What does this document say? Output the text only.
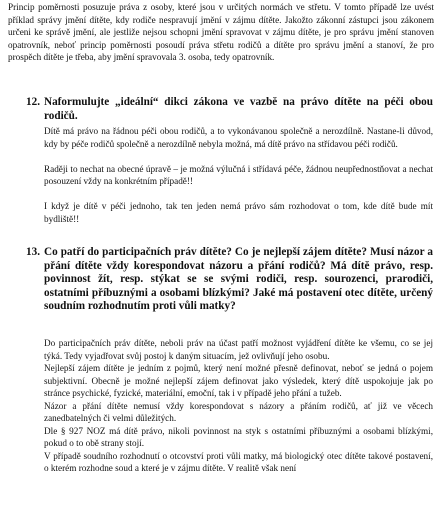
Princip pomĕrnosti posuzuje práva z osoby, které jsou v určitých normách ve střetu. V tomto případĕ lze uvést příklad správy jmĕní dítĕte, kdy rodiče nespravují jmĕní v zájmu dítĕte. Jakožto zákonní zástupci jsou zákonem určeni ke správĕ jmĕní, ale jestliže nejsou schopni jmĕní spravovat v zájmu dítĕte, je pro správu jmĕní stanoven opatrovník, neboť princip pomĕrnosti posoudí práva střetu rodičů a dítĕte pro správu jmĕní a stanoví, že pro prospĕch dítĕte je třeba, aby jmĕní spravovala 3. osoba, tedy opatrovník.
12. Naformulujte „ideální“ dikci zákona ve vazbĕ na právo dítĕte na péči obou rodičů.

Dítĕ má právo na řádnou péči obou rodičů, a to vykonávanou společnĕ a nerozdílnĕ. Nastane-li důvod, kdy by péče rodičů společnĕ a nerozdílnĕ nebyla možná, má dítĕ právo na střídavou péči rodičů.

Radĕji to nechat na obecné úpravĕ – je možná výlučná i střídavá péče, žádnou neupřednostňovat a nechat posouzení vždy na konkrétním případĕ!!

I když je dítĕ v péči jednoho, tak ten jeden nemá právo sám rozhodovat o tom, kde dítĕ bude mít bydlištĕ!!

13. Co patří do participačních práv dítĕte? Co je nejlepší zájem dítĕte? Musí názor a přání dítĕte vždy korespondovat názoru a přání rodičů? Má dítĕ právo, resp. povinnost žít, resp. stýkat se se svými rodiči, resp. sourozenci, prarodiči, ostatními příbuznými a osobami blízkými? Jaké má postavení otec dítĕte, určený soudním rozhodnutím proti vůli matky?

Do participačních práv dítĕte, neboli práv na účast patří možnost vyjádření dítĕte ke všemu, co se jej týká. Tedy vyjadřovat svůj postoj k daným situacím, jež ovlivňují jeho osobu.

Nejlepší zájem dítĕte je jedním z pojmů, který není možné přesnĕ definovat, neboť se jedná o pojem subjektivní. Obecnĕ je možné nejlepší zájem definovat jako výsledek, který dítĕ uspokojuje jak po stránce psychické, fyzické, materiální, emoční, tak i v případĕ jeho přání a tužeb.

Názor a přání dítĕte nemusí vždy korespondovat s názory a přáním rodičů, ať již ve věcech zanedbatelných či velmi důležitých.

Dle § 927 NOZ má dítĕ právo, nikoli povinnost na styk s ostatními příbuznými a osobami blízkými, pokud o to obĕ strany stojí.

V případĕ soudního rozhodnutí o otcovství proti vůli matky, má biologický otec dítĕte takové postavení, o kterém rozhodne soud a které je v zájmu dítĕte. V realitĕ však není
